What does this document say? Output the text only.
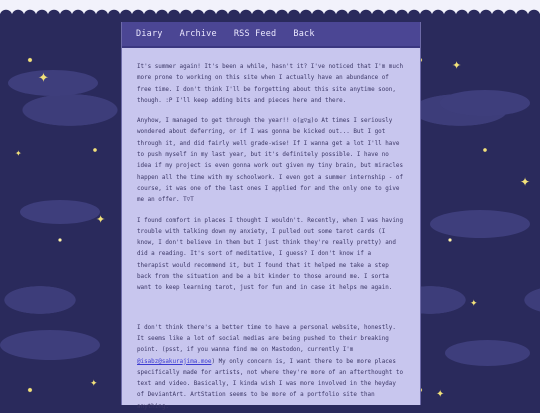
✦
✦
✦
✦
✦
✦
✦
✦
Diary Archive RSS Feed Back

It's summer again! It's been a while, hasn't it? I've noticed that I'm much more prone to working on this site when I actually have an abundance of free time. I don't think I'll be forgetting about this site anytime soon, though. :P I'll keep adding bits and pieces here and there.

Anyhow, I managed to get through the year!! o(≧▽≦)o At times I seriously wondered about deferring, or if I was gonna be kicked out... But I got through it, and did fairly well grade-wise! If I wanna get a lot I'll have to push myself in my last year, but it's definitely possible. I have no idea if my project is even gonna work out given my tiny brain, but miracles happen all the time with my schoolwork. I even got a summer internship - of course, it was one of the last ones I applied for and the only one to give me an offer. T▽T

I found comfort in places I thought I wouldn't. Recently, when I was having trouble with talking down my anxiety, I pulled out some tarot cards (I know, I don't believe in them but I just think they're really pretty) and did a reading. It's sort of meditative, I guess? I don't know if a therapist would recommend it, but I found that it helped me take a step back from the situation and be a bit kinder to those around me. I sorta want to keep learning tarot, just for fun and in case it helps me again.

I don't think there's a better time to have a personal website, honestly. It seems like a lot of social medias are being pushed to their breaking point. (psst, if you wanna find me on Mastodon, currently I'm @isabz@sakurajima.moe) My only concern is, I want there to be more places specifically made for artists, not where they're more of an afterthought to text and video. Basically, I kinda wish I was more involved in the heyday of DeviantArt. ArtStation seems to be more of a portfolio site than anything.
